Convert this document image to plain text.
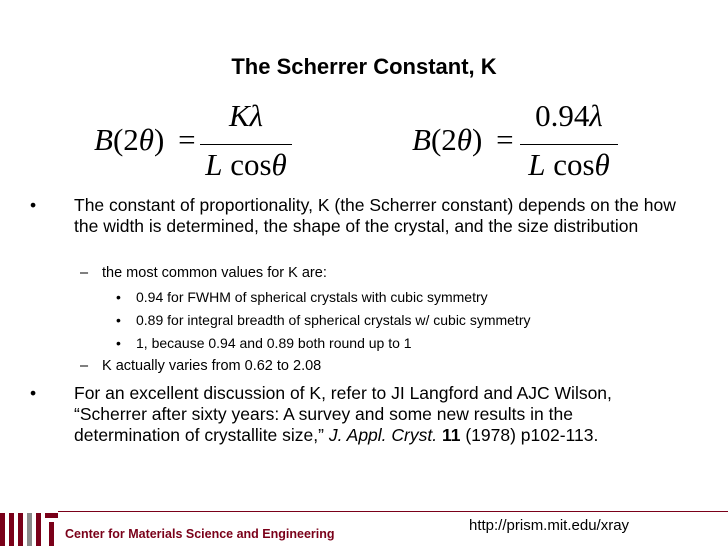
The Scherrer Constant, K
B(2θ) =
Kλ
L cosθ
B(2θ) =
0.94λ
L cosθ
• The constant of proportionality, K (the Scherrer constant) depends on the how the width is determined, the shape of the crystal, and the size distribution
– the most common values for K are:
• 0.94 for FWHM of spherical crystals with cubic symmetry
• 0.89 for integral breadth of spherical crystals w/ cubic symmetry
• 1, because 0.94 and 0.89 both round up to 1
– K actually varies from 0.62 to 2.08
• For an excellent discussion of K, refer to JI Langford and AJC Wilson, “Scherrer after sixty years: A survey and some new results in the determination of crystallite size,” J. Appl. Cryst. 11 (1978) p102-113.
Center for Materials Science and Engineering	http://prism.mit.edu/xray
